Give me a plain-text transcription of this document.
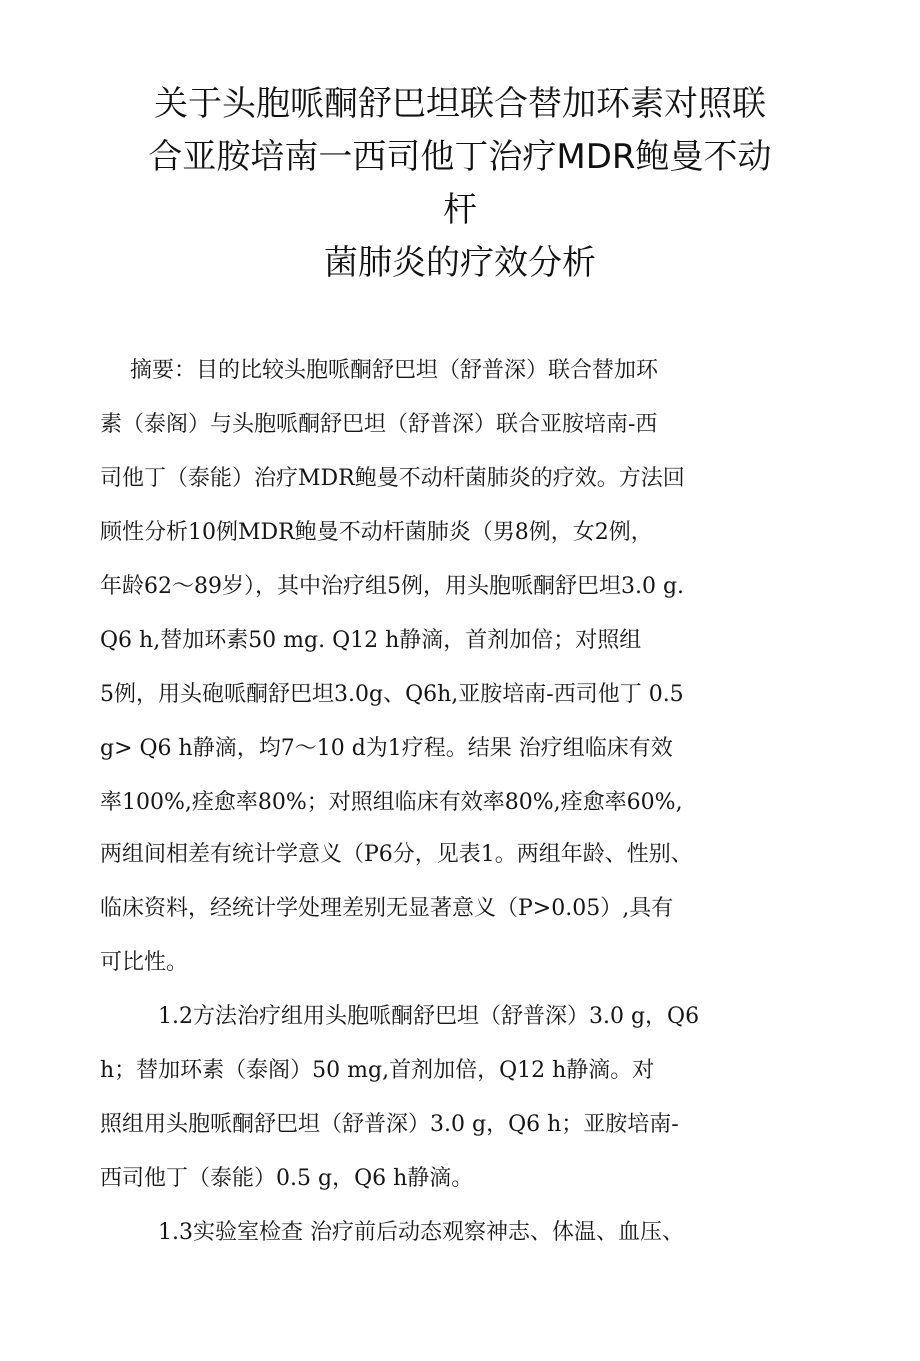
关于头胞哌酮舒巴坦联合替加环素对照联
合亚胺培南一西司他丁治疗MDR鲍曼不动
杆
菌肺炎的疗效分析
摘要：目的比较头胞哌酮舒巴坦（舒普深）联合替加环
素（泰阁）与头胞哌酮舒巴坦（舒普深）联合亚胺培南-西
司他丁（泰能）治疗MDR鲍曼不动杆菌肺炎的疗效。方法回
顾性分析10例MDR鲍曼不动杆菌肺炎（男8例，女2例，
年龄62～89岁），其中治疗组5例，用头胞哌酮舒巴坦3.0 g.
Q6 h,替加环素50 mg. Q12 h静滴，首剂加倍；对照组
5例，用头砲哌酮舒巴坦3.0g、Q6h,亚胺培南-西司他丁 0.5
g> Q6 h静滴，均7～10 d为1疗程。结果 治疗组临床有效
率100%,痊愈率80%；对照组临床有效率80%,痊愈率60%,
两组间相差有统计学意义（P6分，见表1。两组年龄、性别、
临床资料，经统计学处理差别无显著意义（P>0.05）,具有
可比性。
1.2方法治疗组用头胞哌酮舒巴坦（舒普深）3.0 g，Q6
h；替加环素（泰阁）50 mg,首剂加倍，Q12 h静滴。对
照组用头胞哌酮舒巴坦（舒普深）3.0 g，Q6 h；亚胺培南-
西司他丁（泰能）0.5 g，Q6 h静滴。
1.3实验室检查 治疗前后动态观察神志、体温、血压、
